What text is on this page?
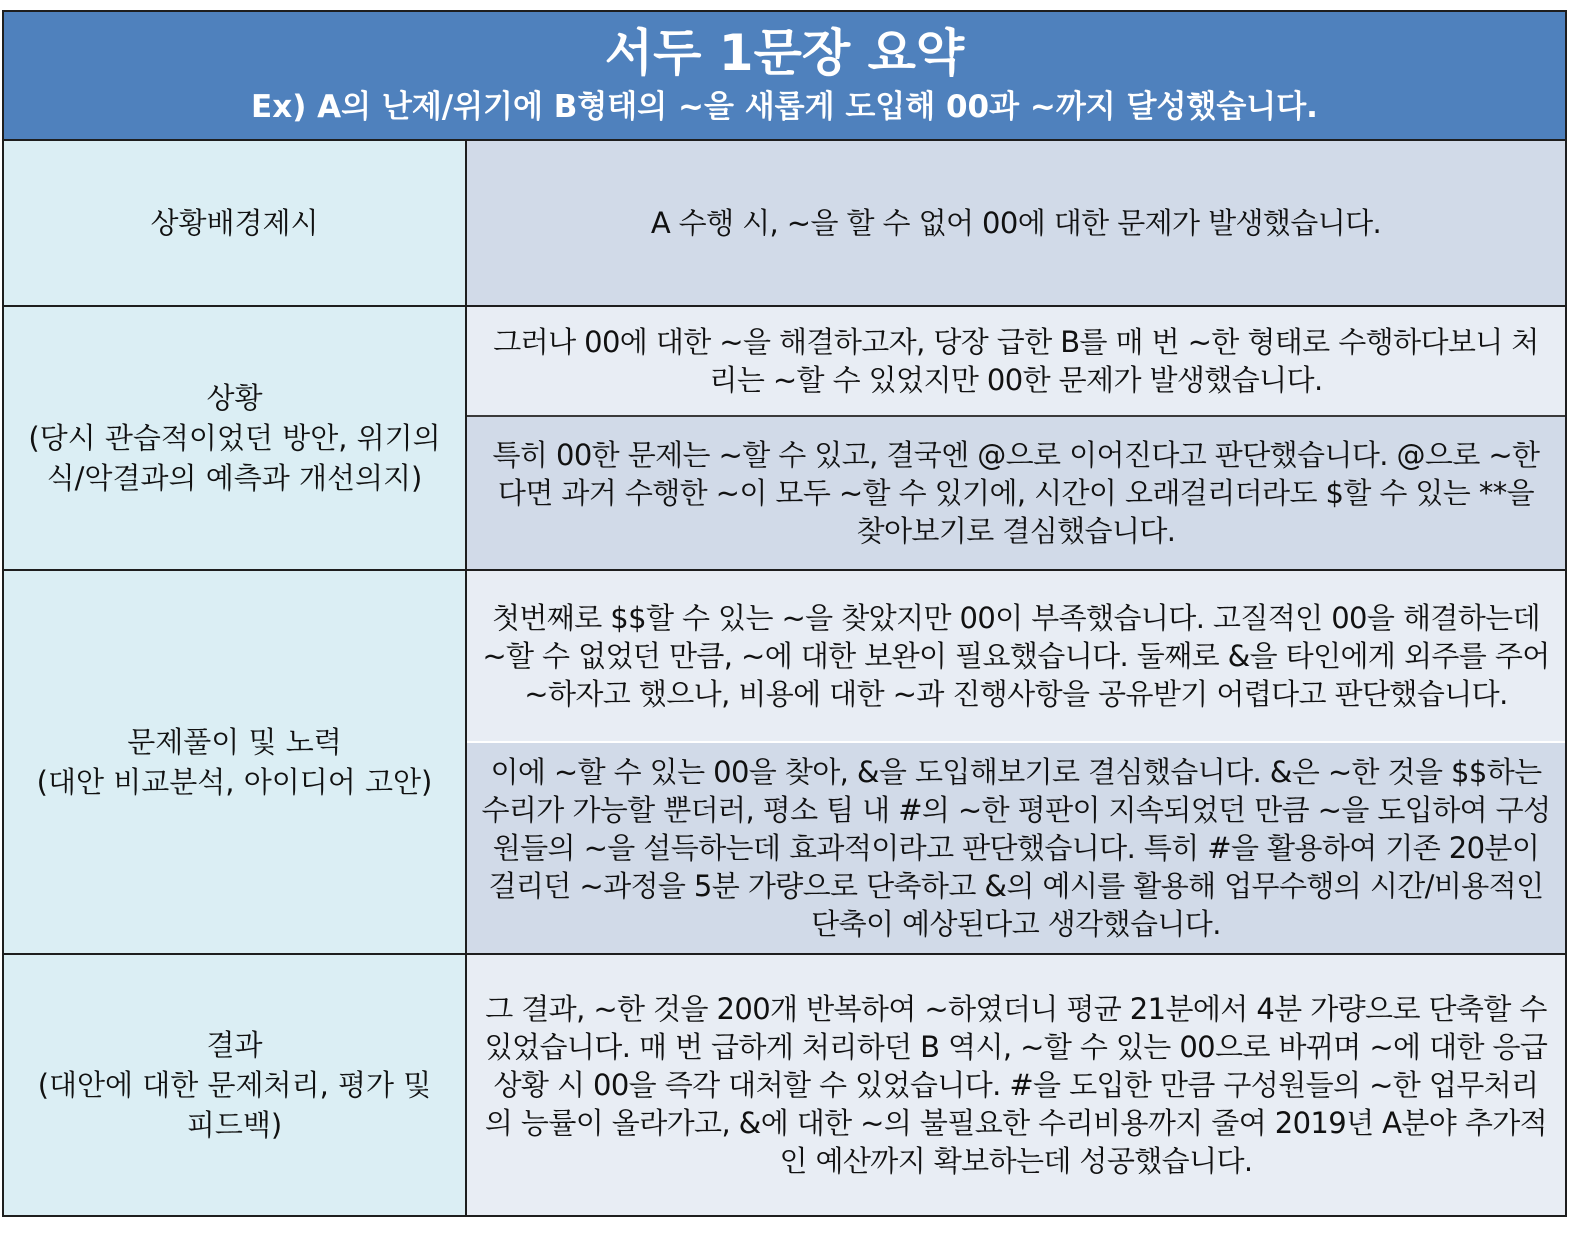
서두 1문장 요약
Ex) A의 난제/위기에 B형태의 ~을 새롭게 도입해 00과 ~까지 달성했습니다.
상황배경제시	A 수행 시, ~을 할 수 없어 00에 대한 문제가 발생했습니다.
상황
(당시 관습적이었던 방안, 위기의
식/악결과의 예측과 개선의지)
그러나 00에 대한 ~을 해결하고자, 당장 급한 B를 매 번 ~한 형태로 수행하다보니 처리는 ~할 수 있었지만 00한 문제가 발생했습니다.
특히 00한 문제는 ~할 수 있고, 결국엔 @으로 이어진다고 판단했습니다. @으로 ~한다면 과거 수행한 ~이 모두 ~할 수 있기에, 시간이 오래걸리더라도 $할 수 있는 **을 찾아보기로 결심했습니다.
문제풀이 및 노력
(대안 비교분석, 아이디어 고안)
첫번째로 $$할 수 있는 ~을 찾았지만 00이 부족했습니다. 고질적인 00을 해결하는데 ~할 수 없었던 만큼, ~에 대한 보완이 필요했습니다. 둘째로 &을 타인에게 외주를 주어 ~하자고 했으나, 비용에 대한 ~과 진행사항을 공유받기 어렵다고 판단했습니다.
이에 ~할 수 있는 00을 찾아, &을 도입해보기로 결심했습니다. &은 ~한 것을 $$하는 수리가 가능할 뿐더러, 평소 팀 내 #의 ~한 평판이 지속되었던 만큼 ~을 도입하여 구성원들의 ~을 설득하는데 효과적이라고 판단했습니다. 특히 #을 활용하여 기존 20분이 걸리던 ~과정을 5분 가량으로 단축하고 &의 예시를 활용해 업무수행의 시간/비용적인 단축이 예상된다고 생각했습니다.
결과
(대안에 대한 문제처리, 평가 및
피드백)
그 결과, ~한 것을 200개 반복하여 ~하였더니 평균 21분에서 4분 가량으로 단축할 수 있었습니다. 매 번 급하게 처리하던 B 역시, ~할 수 있는 00으로 바뀌며 ~에 대한 응급상황 시 00을 즉각 대처할 수 있었습니다. #을 도입한 만큼 구성원들의 ~한 업무처리의 능률이 올라가고, &에 대한 ~의 불필요한 수리비용까지 줄여 2019년 A분야 추가적인 예산까지 확보하는데 성공했습니다.
